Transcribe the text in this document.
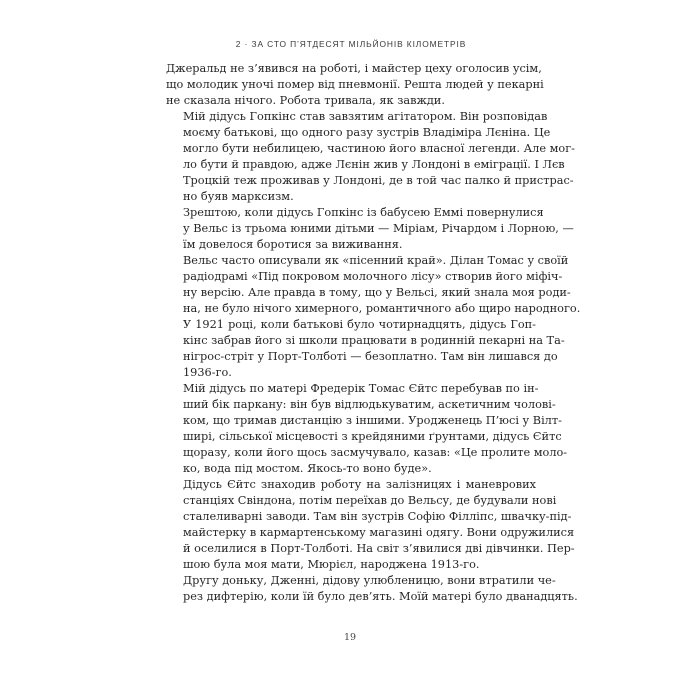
2 · ЗА СТО П’ЯТДЕСЯТ МІЛЬЙОНІВ КІЛОМЕТРІВ

Джеральд не з’явився на роботі, і майстер цеху оголосив усім,
що молодик уночі помер від пневмонії. Решта людей у пекарні
не сказала нічого. Робота тривала, як завжди.

Мій дідусь Гопкінс став завзятим агітатором. Він розповідав
моєму батькові, що одного разу зустрів Владіміра Лєніна. Це
могло бути небилицею, частиною його власної легенди. Але мог-
ло бути й правдою, адже Лєнін жив у Лондоні в еміграції. І Лєв
Троцкій теж проживав у Лондоні, де в той час палко й пристрас-
но буяв марксизм.

Зрештою, коли дідусь Гопкінс із бабусею Еммі повернулися
у Вельс із трьома юними дітьми — Міріам, Річардом і Лорною, —
їм довелося боротися за виживання.

Вельс часто описували як «пісенний край». Ділан Томас у своїй
радіодрамі «Під покровом молочного лісу» створив його міфіч-
ну версію. Але правда в тому, що у Вельсі, який знала моя роди-
на, не було нічого химерного, романтичного або щиро народного.

У 1921 році, коли батькові було чотирнадцять, дідусь Гоп-
кінс забрав його зі школи працювати в родинній пекарні на Та-
нігрос-стріт у Порт-Толботі — безоплатно. Там він лишався до
1936-го.

Мій дідусь по матері Фредерік Томас Єйтс перебував по ін-
ший бік паркану: він був відлюдькуватим, аскетичним чолові-
ком, що тримав дистанцію з іншими. Уродженець П’юсі у Вілт-
ширі, сільської місцевості з крейдяними ґрунтами, дідусь Єйтс
щоразу, коли його щось засмучувало, казав: «Це пролите моло-
ко, вода під мостом. Якось-то воно буде».

Дідусь Єйтс знаходив роботу на залізницях і маневрових
станціях Свіндона, потім переїхав до Вельсу, де будували нові
сталеливарні заводи. Там він зустрів Софію Філліпс, швачку-під-
майстерку в кармартенському магазині одягу. Вони одружилися
й оселилися в Порт-Толботі. На світ з’явилися дві дівчинки. Пер-
шою була моя мати, Мюрієл, народжена 1913-го.

Другу доньку, Дженні, дідову улюбленицю, вони втратили че-
рез дифтерію, коли їй було дев’ять. Моїй матері було дванадцять.

19
